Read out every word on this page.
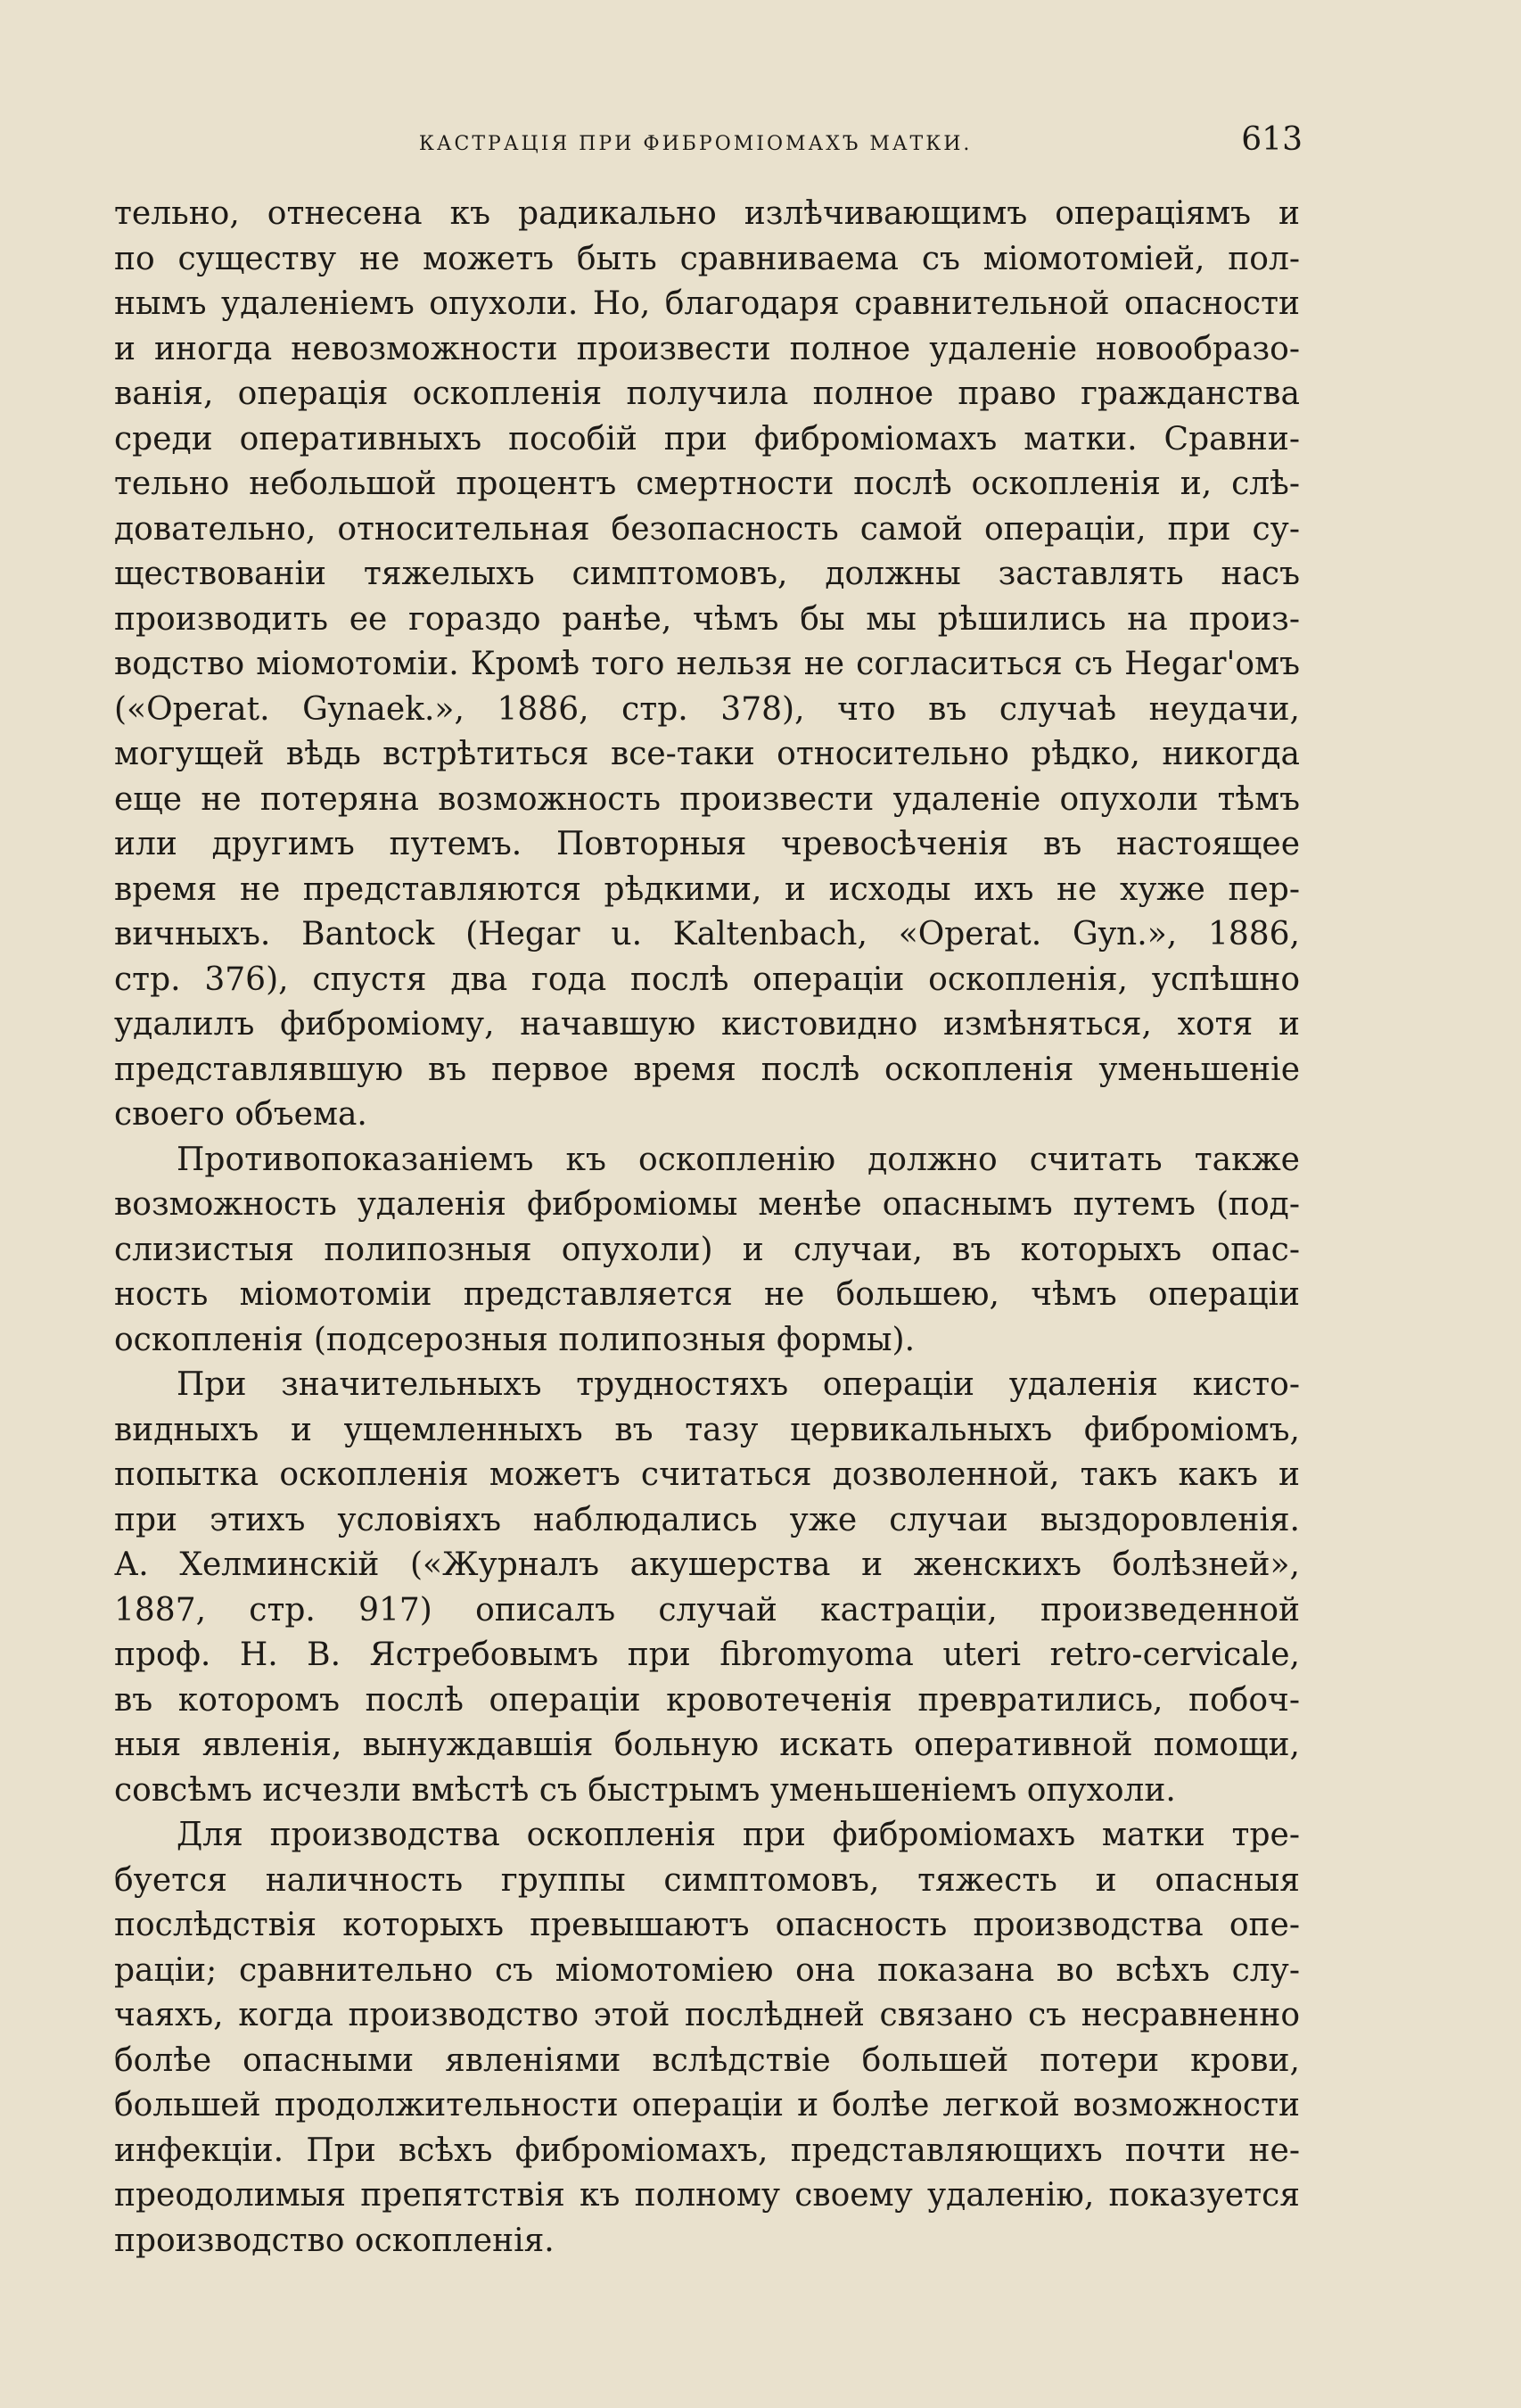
КАСТРАЦІЯ ПРИ ФИБРОМІОМАХЪ МАТКИ.	613

тельно, отнесена къ радикально излѣчивающимъ операціямъ и
по существу не можетъ быть сравниваема съ міомотоміей, пол-
нымъ удаленіемъ опухоли. Но, благодаря сравнительной опасности
и иногда невозможности произвести полное удаленіе новообразо-
ванія, операція оскопленія получила полное право гражданства
среди оперативныхъ пособій при фиброміомахъ матки. Сравни-
тельно небольшой процентъ смертности послѣ оскопленія и, слѣ-
довательно, относительная безопасность самой операціи, при су-
ществованіи тяжелыхъ симптомовъ, должны заставлять насъ
производить ее гораздо ранѣе, чѣмъ бы мы рѣшились на произ-
водство міомотоміи. Кромѣ того нельзя не согласиться съ Hegar'омъ
(«Operat. Gynaek.», 1886, стр. 378), что въ случаѣ неудачи,
могущей вѣдь встрѣтиться все-таки относительно рѣдко, никогда
еще не потеряна возможность произвести удаленіе опухоли тѣмъ
или другимъ путемъ. Повторныя чревосѣченія въ настоящее
время не представляются рѣдкими, и исходы ихъ не хуже пер-
вичныхъ. Bantock (Hegar u. Kaltenbach, «Operat. Gyn.», 1886,
стр. 376), спустя два года послѣ операціи оскопленія, успѣшно
удалилъ фиброміому, начавшую кистовидно измѣняться, хотя и
представлявшую въ первое время послѣ оскопленія уменьшеніе
своего объема.

Противопоказаніемъ къ оскопленію должно считать также
возможность удаленія фиброміомы менѣе опаснымъ путемъ (под-
слизистыя полипозныя опухоли) и случаи, въ которыхъ опас-
ность міомотоміи представляется не большею, чѣмъ операціи
оскопленія (подсерозныя полипозныя формы).

При значительныхъ трудностяхъ операціи удаленія кисто-
видныхъ и ущемленныхъ въ тазу цервикальныхъ фиброміомъ,
попытка оскопленія можетъ считаться дозволенной, такъ какъ и
при этихъ условіяхъ наблюдались уже случаи выздоровленія.
А. Хелминскій («Журналъ акушерства и женскихъ болѣзней»,
1887, стр. 917) описалъ случай кастраціи, произведенной
проф. Н. В. Ястребовымъ при fibromyoma uteri retro-cervicale,
въ которомъ послѣ операціи кровотеченія превратились, побоч-
ныя явленія, вынуждавшія больную искать оперативной помощи,
совсѣмъ исчезли вмѣстѣ съ быстрымъ уменьшеніемъ опухоли.

Для производства оскопленія при фиброміомахъ матки тре-
буется наличность группы симптомовъ, тяжесть и опасныя
послѣдствія которыхъ превышаютъ опасность производства опе-
раціи; сравнительно съ міомотоміею она показана во всѣхъ слу-
чаяхъ, когда производство этой послѣдней связано съ несравненно
болѣе опасными явленіями вслѣдствіе большей потери крови,
большей продолжительности операціи и болѣе легкой возможности
инфекціи. При всѣхъ фиброміомахъ, представляющихъ почти не-
преодолимыя препятствія къ полному своему удаленію, показуется
производство оскопленія.
